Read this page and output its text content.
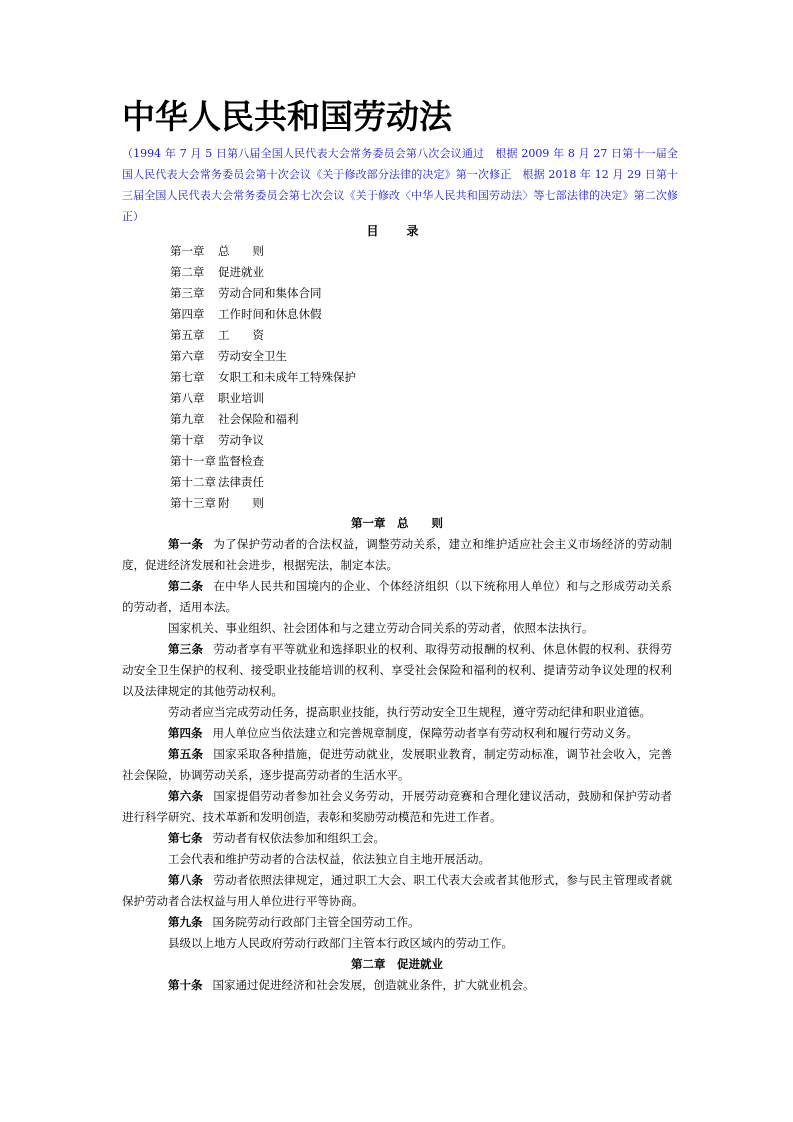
中华人民共和国劳动法

（1994 年 7 月 5 日第八届全国人民代表大会常务委员会第八次会议通过　根据 2009 年 8 月 27 日第十一届全国人民代表大会常务委员会第十次会议《关于修改部分法律的决定》第一次修正　根据 2018 年 12 月 29 日第十三届全国人民代表大会常务委员会第七次会议《关于修改〈中华人民共和国劳动法〉等七部法律的决定》第二次修正）

目　录

第一章 总　　则
第二章 促进就业
第三章 劳动合同和集体合同
第四章 工作时间和休息休假
第五章 工　　资
第六章 劳动安全卫生
第七章 女职工和未成年工特殊保护
第八章 职业培训
第九章 社会保险和福利
第十章 劳动争议
第十一章 监督检查
第十二章 法律责任
第十三章 附　　则

第一章　总　　则

第一条 为了保护劳动者的合法权益，调整劳动关系，建立和维护适应社会主义市场经济的劳动制度，促进经济发展和社会进步，根据宪法，制定本法。

第二条 在中华人民共和国境内的企业、个体经济组织（以下统称用人单位）和与之形成劳动关系的劳动者，适用本法。

国家机关、事业组织、社会团体和与之建立劳动合同关系的劳动者，依照本法执行。

第三条 劳动者享有平等就业和选择职业的权利、取得劳动报酬的权利、休息休假的权利、获得劳动安全卫生保护的权利、接受职业技能培训的权利、享受社会保险和福利的权利、提请劳动争议处理的权利以及法律规定的其他劳动权利。

劳动者应当完成劳动任务，提高职业技能，执行劳动安全卫生规程，遵守劳动纪律和职业道德。

第四条 用人单位应当依法建立和完善规章制度，保障劳动者享有劳动权利和履行劳动义务。

第五条 国家采取各种措施，促进劳动就业，发展职业教育，制定劳动标准，调节社会收入，完善社会保险，协调劳动关系，逐步提高劳动者的生活水平。

第六条 国家提倡劳动者参加社会义务劳动，开展劳动竞赛和合理化建议活动，鼓励和保护劳动者进行科学研究、技术革新和发明创造，表彰和奖励劳动模范和先进工作者。

第七条 劳动者有权依法参加和组织工会。

工会代表和维护劳动者的合法权益，依法独立自主地开展活动。

第八条 劳动者依照法律规定，通过职工大会、职工代表大会或者其他形式，参与民主管理或者就保护劳动者合法权益与用人单位进行平等协商。

第九条 国务院劳动行政部门主管全国劳动工作。

县级以上地方人民政府劳动行政部门主管本行政区域内的劳动工作。

第二章　促进就业

第十条 国家通过促进经济和社会发展，创造就业条件，扩大就业机会。
